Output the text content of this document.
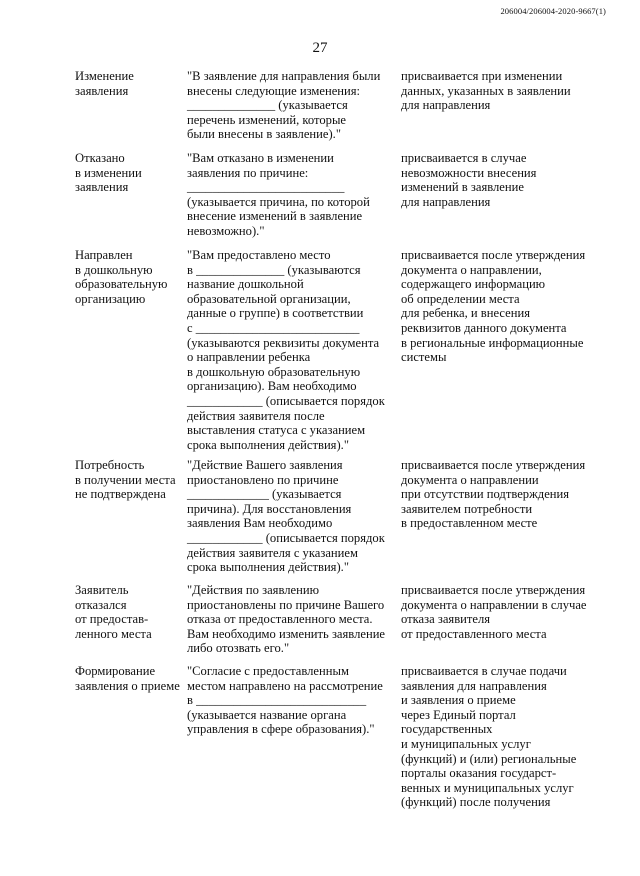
206004/206004-2020-9667(1)
27
Изменение
заявления
"В заявление для направления были
внесены следующие изменения:
______________ (указывается
перечень изменений, которые
были внесены в заявление)."
присваивается при изменении
данных, указанных в заявлении
для направления
Отказано
в изменении
заявления
"Вам отказано в изменении
заявления по причине:
_________________________
(указывается причина, по которой
внесение изменений в заявление
невозможно)."
присваивается в случае
невозможности внесения
изменений в заявление
для направления
Направлен
в дошкольную
образовательную
организацию
"Вам предоставлено место
в ______________ (указываются
название дошкольной
образовательной организации,
данные о группе) в соответствии
с __________________________
(указываются реквизиты документа
о направлении ребенка
в дошкольную образовательную
организацию). Вам необходимо
____________ (описывается порядок
действия заявителя после
выставления статуса с указанием
срока выполнения действия)."
присваивается после утверждения
документа о направлении,
содержащего информацию
об определении места
для ребенка, и внесения
реквизитов данного документа
в региональные информационные
системы
Потребность
в получении места
не подтверждена
"Действие Вашего заявления
приостановлено по причине
_____________ (указывается
причина). Для восстановления
заявления Вам необходимо
____________ (описывается порядок
действия заявителя с указанием
срока выполнения действия)."
присваивается после утверждения
документа о направлении
при отсутствии подтверждения
заявителем потребности
в предоставленном месте
Заявитель
отказался
от предостав-
ленного места
"Действия по заявлению
приостановлены по причине Вашего
отказа от предоставленного места.
Вам необходимо изменить заявление
либо отозвать его."
присваивается после утверждения
документа о направлении в случае
отказа заявителя
от предоставленного места
Формирование
заявления о приеме
"Согласие с предоставленным
местом направлено на рассмотрение
в ___________________________
(указывается название органа
управления в сфере образования)."
присваивается в случае подачи
заявления для направления
и заявления о приеме
через Единый портал
государственных
и муниципальных услуг
(функций) и (или) региональные
порталы оказания государст-
венных и муниципальных услуг
(функций) после получения
